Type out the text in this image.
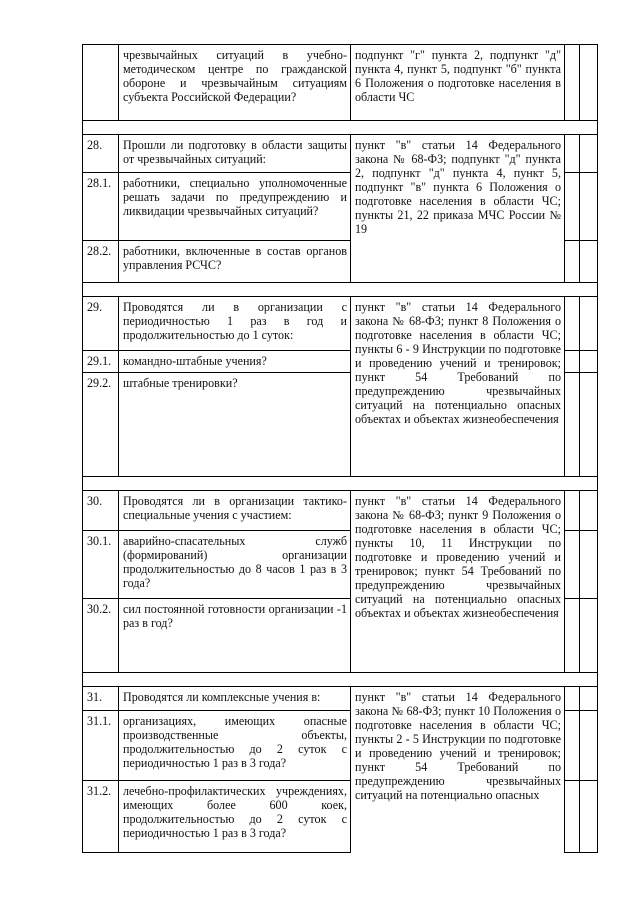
	чрезвычайных ситуаций в учебно-методическом центре по гражданской обороне и чрезвычайным ситуациям субъекта Российской Федерации?	подпункт "г" пункта 2, подпункт "д" пункта 4, пункт 5, подпункт "б" пункта 6 Положения о подготовке населения в области ЧС		

28.	Прошли ли подготовку в области защиты от чрезвычайных ситуаций:	пункт "в" статьи 14 Федерального закона № 68-ФЗ; подпункт "д" пункта 2, подпункт "д" пункта 4, пункт 5, подпункт "в" пункта 6 Положения о подготовке населения в области ЧС; пункты 21, 22 приказа МЧС России № 19		
28.1.	работники, специально уполномоченные решать задачи по предупреждению и ликвидации чрезвычайных ситуаций?			
28.2.	работники, включенные в состав органов управления РСЧС?			

29.	Проводятся ли в организации с периодичностью 1 раз в год и продолжительностью до 1 суток:	пункт "в" статьи 14 Федерального закона № 68-ФЗ; пункт 8 Положения о подготовке населения в области ЧС; пункты 6 - 9 Инструкции по подготовке и проведению учений и тренировок; пункт 54 Требований по предупреждению чрезвычайных ситуаций на потенциально опасных объектах и объектах жизнеобеспечения		
29.1.	командно-штабные учения?			
29.2.	штабные тренировки?			

30.	Проводятся ли в организации тактико-специальные учения с участием:	пункт "в" статьи 14 Федерального закона № 68-ФЗ; пункт 9 Положения о подготовке населения в области ЧС; пункты 10, 11 Инструкции по подготовке и проведению учений и тренировок; пункт 54 Требований по предупреждению чрезвычайных ситуаций на потенциально опасных объектах и объектах жизнеобеспечения		
30.1.	аварийно-спасательных служб (формирований) организации продолжительностью до 8 часов 1 раз в 3 года?			
30.2.	сил постоянной готовности организации -1 раз в год?			

31.	Проводятся ли комплексные учения в:	пункт "в" статьи 14 Федерального закона № 68-ФЗ; пункт 10 Положения о подготовке населения в области ЧС; пункты 2 - 5 Инструкции по подготовке и проведению учений и тренировок; пункт 54 Требований по предупреждению чрезвычайных ситуаций на потенциально опасных		
31.1.	организациях, имеющих опасные производственные объекты, продолжительностью до 2 суток с периодичностью 1 раз в 3 года?			
31.2.	лечебно-профилактических учреждениях, имеющих более 600 коек, продолжительностью до 2 суток с периодичностью 1 раз в 3 года?			
